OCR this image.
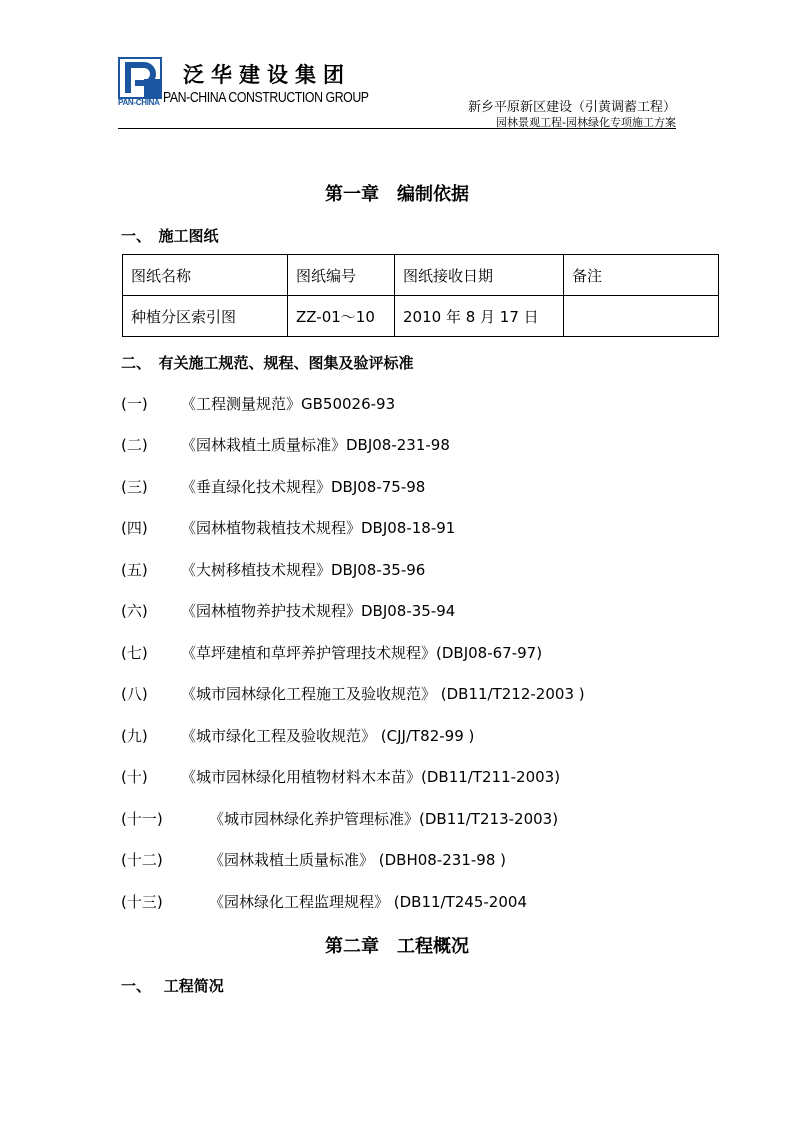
PAN-CHINA
泛华建设集团
PAN-CHINA CONSTRUCTION GROUP
新乡平原新区建设（引黄调蓄工程）
园林景观工程-园林绿化专项施工方案
第一章　编制依据
一、　施工图纸
图纸名称	图纸编号	图纸接收日期	备注
种植分区索引图	ZZ-01～10	2010 年 8 月 17 日	
二、　有关施工规范、规程、图集及验评标准
(一) 《工程测量规范》GB50026-93
(二) 《园林栽植土质量标准》DBJ08-231-98
(三) 《垂直绿化技术规程》DBJ08-75-98
(四) 《园林植物栽植技术规程》DBJ08-18-91
(五) 《大树移植技术规程》DBJ08-35-96
(六) 《园林植物养护技术规程》DBJ08-35-94
(七) 《草坪建植和草坪养护管理技术规程》(DBJ08-67-97)
(八) 《城市园林绿化工程施工及验收规范》 (DB11/T212-2003 )
(九) 《城市绿化工程及验收规范》 (CJJ/T82-99 )
(十) 《城市园林绿化用植物材料木本苗》(DB11/T211-2003)
(十一)	《城市园林绿化养护管理标准》(DB11/T213-2003)
(十二)	《园林栽植土质量标准》 (DBH08-231-98 )
(十三)	《园林绿化工程监理规程》 (DB11/T245-2004
第二章　工程概况
一、　 工程简况
